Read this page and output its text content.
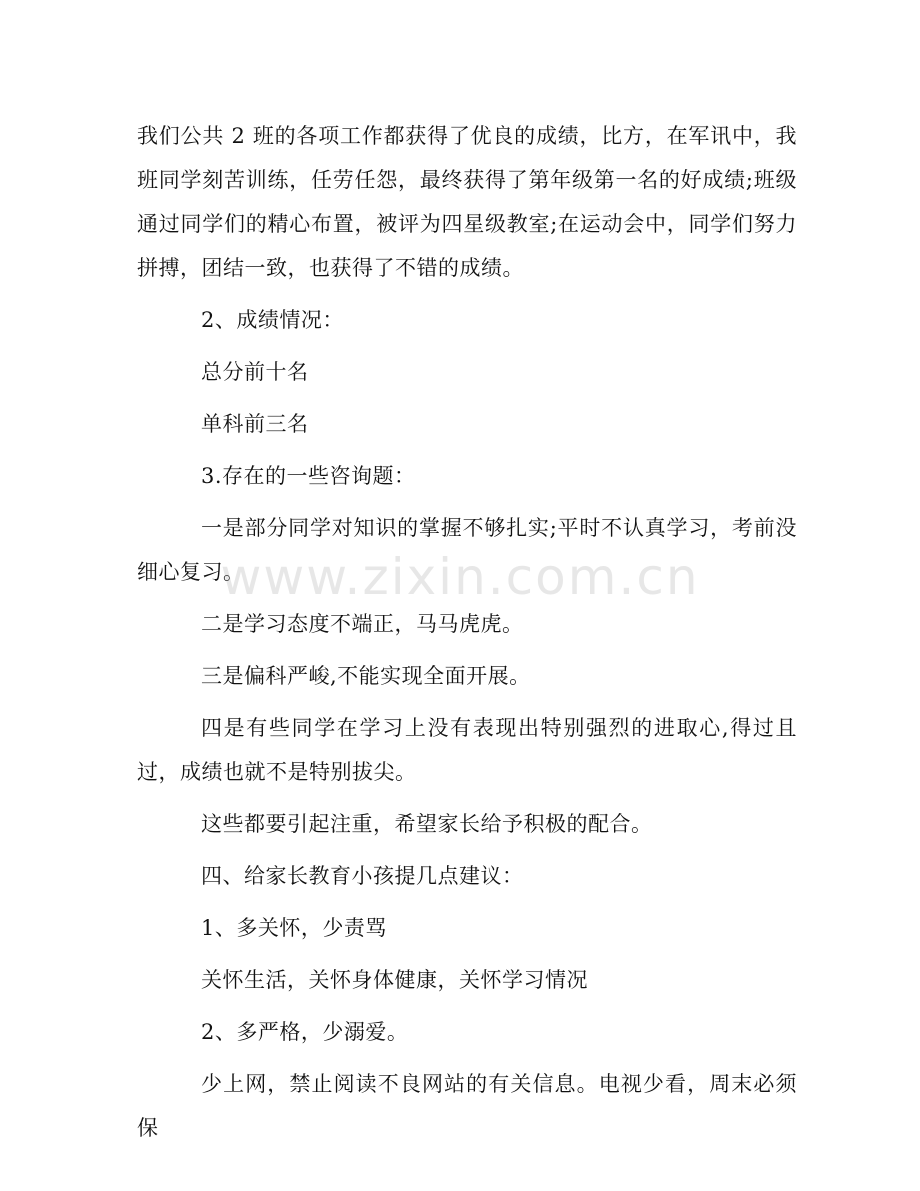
我们公共 2 班的各项工作都获得了优良的成绩，比方，在军讯中，我班同学刻苦训练，任劳任怨，最终获得了第年级第一名的好成绩;班级通过同学们的精心布置，被评为四星级教室;在运动会中，同学们努力拼搏，团结一致，也获得了不错的成绩。

2、成绩情况：

总分前十名

单科前三名

3.存在的一些咨询题：

一是部分同学对知识的掌握不够扎实;平时不认真学习，考前没细心复习。

二是学习态度不端正，马马虎虎。

三是偏科严峻,不能实现全面开展。

四是有些同学在学习上没有表现出特别强烈的进取心,得过且过，成绩也就不是特别拔尖。

这些都要引起注重，希望家长给予积极的配合。

四、给家长教育小孩提几点建议：

1、多关怀，少责骂

关怀生活，关怀身体健康，关怀学习情况

2、多严格，少溺爱。

少上网，禁止阅读不良网站的有关信息。电视少看，周末必须保

www.zixin.com.cn
